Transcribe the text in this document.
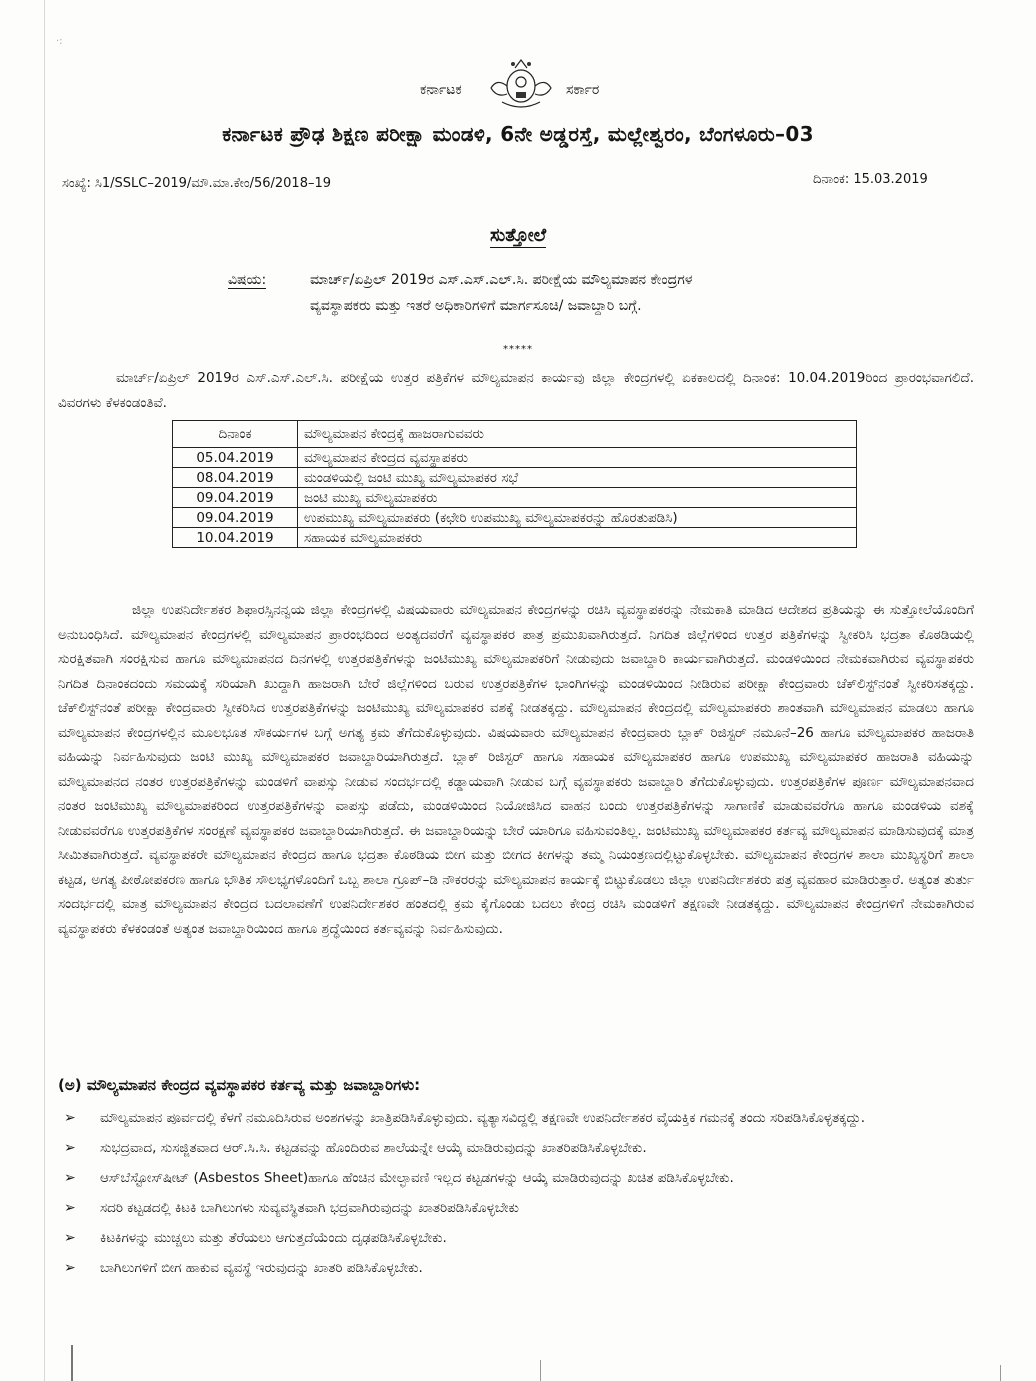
·:
ಕರ್ನಾಟಕ	ಸರ್ಕಾರ
ಕರ್ನಾಟಕ ಪ್ರೌಢ ಶಿಕ್ಷಣ ಪರೀಕ್ಷಾ ಮಂಡಳಿ, 6ನೇ ಅಡ್ಡರಸ್ತೆ, ಮಲ್ಲೇಶ್ವರಂ, ಬೆಂಗಳೂರು–03
ಸಂಖ್ಯೆ: ಸಿ1/SSLC–2019/ಮೌ.ಮಾ.ಕೇಂ/56/2018–19	ದಿನಾಂಕ: 15.03.2019
ಸುತ್ತೋಲೆ
ವಿಷಯ:	ಮಾರ್ಚ್/ಏಪ್ರಿಲ್ 2019ರ ಎಸ್.ಎಸ್.ಎಲ್.ಸಿ. ಪರೀಕ್ಷೆಯ ಮೌಲ್ಯಮಾಪನ ಕೇಂದ್ರಗಳ
ವ್ಯವಸ್ಥಾಪಕರು ಮತ್ತು ಇತರೆ ಅಧಿಕಾರಿಗಳಿಗೆ ಮಾರ್ಗಸೂಚಿ/ ಜವಾಬ್ದಾರಿ ಬಗ್ಗೆ.
*****
ಮಾರ್ಚ್/ಏಪ್ರಿಲ್ 2019ರ ಎಸ್.ಎಸ್.ಎಲ್.ಸಿ. ಪರೀಕ್ಷೆಯ ಉತ್ತರ ಪತ್ರಿಕೆಗಳ ಮೌಲ್ಯಮಾಪನ ಕಾರ್ಯವು ಜಿಲ್ಲಾ ಕೇಂದ್ರಗಳಲ್ಲಿ ಏಕಕಾಲದಲ್ಲಿ ದಿನಾಂಕ: 10.04.2019ರಿಂದ ಪ್ರಾರಂಭವಾಗಲಿದೆ. ವಿವರಗಳು ಕೆಳಕಂಡಂತಿವೆ.
ದಿನಾಂಕ	ಮೌಲ್ಯಮಾಪನ ಕೇಂದ್ರಕ್ಕೆ ಹಾಜರಾಗುವವರು
05.04.2019	ಮೌಲ್ಯಮಾಪನ ಕೇಂದ್ರದ ವ್ಯವಸ್ಥಾಪಕರು
08.04.2019	ಮಂಡಳಿಯಲ್ಲಿ ಜಂಟಿ ಮುಖ್ಯ ಮೌಲ್ಯಮಾಪಕರ ಸಭೆ
09.04.2019	ಜಂಟಿ ಮುಖ್ಯ ಮೌಲ್ಯಮಾಪಕರು
09.04.2019	ಉಪಮುಖ್ಯ ಮೌಲ್ಯಮಾಪಕರು (ಕಛೇರಿ ಉಪಮುಖ್ಯ ಮೌಲ್ಯಮಾಪಕರನ್ನು ಹೊರತುಪಡಿಸಿ)
10.04.2019	ಸಹಾಯಕ ಮೌಲ್ಯಮಾಪಕರು
ಜಿಲ್ಲಾ ಉಪನಿರ್ದೇಶಕರ ಶಿಫಾರಸ್ಸಿನನ್ವಯ ಜಿಲ್ಲಾ ಕೇಂದ್ರಗಳಲ್ಲಿ ವಿಷಯವಾರು ಮೌಲ್ಯಮಾಪನ ಕೇಂದ್ರಗಳನ್ನು ರಚಿಸಿ ವ್ಯವಸ್ಥಾಪಕರನ್ನು ನೇಮಕಾತಿ ಮಾಡಿದ ಆದೇಶದ ಪ್ರತಿಯನ್ನು ಈ ಸುತ್ತೋಲೆಯೊಂದಿಗೆ ಅನುಬಂಧಿಸಿದೆ. ಮೌಲ್ಯಮಾಪನ ಕೇಂದ್ರಗಳಲ್ಲಿ ಮೌಲ್ಯಮಾಪನ ಪ್ರಾರಂಭದಿಂದ ಅಂತ್ಯದವರೆಗೆ ವ್ಯವಸ್ಥಾಪಕರ ಪಾತ್ರ ಪ್ರಮುಖವಾಗಿರುತ್ತದೆ. ನಿಗದಿತ ಜಿಲ್ಲೆಗಳಿಂದ ಉತ್ತರ ಪತ್ರಿಕೆಗಳನ್ನು ಸ್ವೀಕರಿಸಿ ಭದ್ರತಾ ಕೊಠಡಿಯಲ್ಲಿ ಸುರಕ್ಷಿತವಾಗಿ ಸಂರಕ್ಷಿಸುವ ಹಾಗೂ ಮೌಲ್ಯಮಾಪನದ ದಿನಗಳಲ್ಲಿ ಉತ್ತರಪತ್ರಿಕೆಗಳನ್ನು ಜಂಟಿಮುಖ್ಯ ಮೌಲ್ಯಮಾಪಕರಿಗೆ ನೀಡುವುದು ಜವಾಬ್ದಾರಿ ಕಾರ್ಯವಾಗಿರುತ್ತದೆ. ಮಂಡಳಿಯಿಂದ ನೇಮಕವಾಗಿರುವ ವ್ಯವಸ್ಥಾಪಕರು ನಿಗದಿತ ದಿನಾಂಕದಂದು ಸಮಯಕ್ಕೆ ಸರಿಯಾಗಿ ಖುದ್ದಾಗಿ ಹಾಜರಾಗಿ ಬೇರೆ ಜಿಲ್ಲೆಗಳಿಂದ ಬರುವ ಉತ್ತರಪತ್ರಿಕೆಗಳ ಭಾಂಗಿಗಳನ್ನು ಮಂಡಳಿಯಿಂದ ನೀಡಿರುವ ಪರೀಕ್ಷಾ ಕೇಂದ್ರವಾರು ಚೆಕ್‌ಲಿಸ್ಟ್‌ನಂತೆ ಸ್ವೀಕರಿಸತಕ್ಕದ್ದು. ಚೆಕ್‌ಲಿಸ್ಟ್‌ನಂತೆ ಪರೀಕ್ಷಾ ಕೇಂದ್ರವಾರು ಸ್ವೀಕರಿಸಿದ ಉತ್ತರಪತ್ರಿಕೆಗಳನ್ನು ಜಂಟಿಮುಖ್ಯ ಮೌಲ್ಯಮಾಪಕರ ವಶಕ್ಕೆ ನೀಡತಕ್ಕದ್ದು. ಮೌಲ್ಯಮಾಪನ ಕೇಂದ್ರದಲ್ಲಿ ಮೌಲ್ಯಮಾಪಕರು ಶಾಂತವಾಗಿ ಮೌಲ್ಯಮಾಪನ ಮಾಡಲು ಹಾಗೂ ಮೌಲ್ಯಮಾಪನ ಕೇಂದ್ರಗಳಲ್ಲಿನ ಮೂಲಭೂತ ಸೌಕರ್ಯಗಳ ಬಗ್ಗೆ ಅಗತ್ಯ ಕ್ರಮ ತೆಗೆದುಕೊಳ್ಳುವುದು. ವಿಷಯವಾರು ಮೌಲ್ಯಮಾಪನ ಕೇಂದ್ರವಾರು ಬ್ಲಾಕ್ ರಿಜಿಸ್ಟರ್ ನಮೂನೆ–26 ಹಾಗೂ ಮೌಲ್ಯಮಾಪಕರ ಹಾಜರಾತಿ ವಹಿಯನ್ನು ನಿರ್ವಹಿಸುವುದು ಜಂಟಿ ಮುಖ್ಯ ಮೌಲ್ಯಮಾಪಕರ ಜವಾಬ್ದಾರಿಯಾಗಿರುತ್ತದೆ. ಬ್ಲಾಕ್ ರಿಜಿಸ್ಟರ್ ಹಾಗೂ ಸಹಾಯಕ ಮೌಲ್ಯಮಾಪಕರ ಹಾಗೂ ಉಪಮುಖ್ಯ ಮೌಲ್ಯಮಾಪಕರ ಹಾಜರಾತಿ ವಹಿಯನ್ನು ಮೌಲ್ಯಮಾಪನದ ನಂತರ ಉತ್ತರಪತ್ರಿಕೆಗಳನ್ನು ಮಂಡಳಿಗೆ ವಾಪಸ್ಸು ನೀಡುವ ಸಂದರ್ಭದಲ್ಲಿ ಕಡ್ಡಾಯವಾಗಿ ನೀಡುವ ಬಗ್ಗೆ ವ್ಯವಸ್ಥಾಪಕರು ಜವಾಬ್ದಾರಿ ತೆಗೆದುಕೊಳ್ಳುವುದು. ಉತ್ತರಪತ್ರಿಕೆಗಳ ಪೂರ್ಣ ಮೌಲ್ಯಮಾಪನವಾದ ನಂತರ ಜಂಟಿಮುಖ್ಯ ಮೌಲ್ಯಮಾಪಕರಿಂದ ಉತ್ತರಪತ್ರಿಕೆಗಳನ್ನು ವಾಪಸ್ಸು ಪಡೆದು, ಮಂಡಳಿಯಿಂದ ನಿಯೋಜಿಸಿದ ವಾಹನ ಬಂದು ಉತ್ತರಪತ್ರಿಕೆಗಳನ್ನು ಸಾಗಾಣಿಕೆ ಮಾಡುವವರೆಗೂ ಹಾಗೂ ಮಂಡಳಿಯ ವಶಕ್ಕೆ ನೀಡುವವರೆಗೂ ಉತ್ತರಪತ್ರಿಕೆಗಳ ಸಂರಕ್ಷಣೆ ವ್ಯವಸ್ಥಾಪಕರ ಜವಾಬ್ದಾರಿಯಾಗಿರುತ್ತದೆ. ಈ ಜವಾಬ್ದಾರಿಯನ್ನು ಬೇರೆ ಯಾರಿಗೂ ವಹಿಸುವಂತಿಲ್ಲ. ಜಂಟಿಮುಖ್ಯ ಮೌಲ್ಯಮಾಪಕರ ಕರ್ತವ್ಯ ಮೌಲ್ಯಮಾಪನ ಮಾಡಿಸುವುದಕ್ಕೆ ಮಾತ್ರ ಸೀಮಿತವಾಗಿರುತ್ತದೆ. ವ್ಯವಸ್ಥಾಪಕರೇ ಮೌಲ್ಯಮಾಪನ ಕೇಂದ್ರದ ಹಾಗೂ ಭದ್ರತಾ ಕೊಠಡಿಯ ಬೀಗ ಮತ್ತು ಬೀಗದ ಕೀಗಳನ್ನು ತಮ್ಮ ನಿಯಂತ್ರಣದಲ್ಲಿಟ್ಟುಕೊಳ್ಳಬೇಕು. ಮೌಲ್ಯಮಾಪನ ಕೇಂದ್ರಗಳ ಶಾಲಾ ಮುಖ್ಯಸ್ಥರಿಗೆ ಶಾಲಾ ಕಟ್ಟಡ, ಅಗತ್ಯ ಪೀಠೋಪಕರಣ ಹಾಗೂ ಭೌತಿಕ ಸೌಲಭ್ಯಗಳೊಂದಿಗೆ ಒಬ್ಬ ಶಾಲಾ ಗ್ರೂಪ್–ಡಿ ನೌಕರರನ್ನು ಮೌಲ್ಯಮಾಪನ ಕಾರ್ಯಕ್ಕೆ ಬಿಟ್ಟುಕೊಡಲು ಜಿಲ್ಲಾ ಉಪನಿರ್ದೇಶಕರು ಪತ್ರ ವ್ಯವಹಾರ ಮಾಡಿರುತ್ತಾರೆ. ಅತ್ಯಂತ ತುರ್ತು ಸಂದರ್ಭದಲ್ಲಿ ಮಾತ್ರ ಮೌಲ್ಯಮಾಪನ ಕೇಂದ್ರದ ಬದಲಾವಣೆಗೆ ಉಪನಿರ್ದೇಶಕರ ಹಂತದಲ್ಲಿ ಕ್ರಮ ಕೈಗೊಂಡು ಬದಲು ಕೇಂದ್ರ ರಚಿಸಿ ಮಂಡಳಿಗೆ ತಕ್ಷಣವೇ ನೀಡತಕ್ಕದ್ದು. ಮೌಲ್ಯಮಾಪನ ಕೇಂದ್ರಗಳಿಗೆ ನೇಮಕಾಗಿರುವ ವ್ಯವಸ್ಥಾಪಕರು ಕೆಳಕಂಡಂತೆ ಅತ್ಯಂತ ಜವಾಬ್ದಾರಿಯಿಂದ ಹಾಗೂ ಶ್ರದ್ಧೆಯಿಂದ ಕರ್ತವ್ಯವನ್ನು ನಿರ್ವಹಿಸುವುದು.
(ಅ) ಮೌಲ್ಯಮಾಪನ ಕೇಂದ್ರದ ವ್ಯವಸ್ಥಾಪಕರ ಕರ್ತವ್ಯ ಮತ್ತು ಜವಾಬ್ದಾರಿಗಳು:
➢ ಮೌಲ್ಯಮಾಪನ ಪೂರ್ವದಲ್ಲಿ ಕೆಳಗೆ ನಮೂದಿಸಿರುವ ಅಂಶಗಳನ್ನು ಖಾತ್ರಿಪಡಿಸಿಕೊಳ್ಳುವುದು. ವ್ಯತ್ಯಾಸವಿದ್ದಲ್ಲಿ ತಕ್ಷಣವೇ ಉಪನಿರ್ದೇಶಕರ ವೈಯಕ್ತಿಕ ಗಮನಕ್ಕೆ ತಂದು ಸರಿಪಡಿಸಿಕೊಳ್ಳತಕ್ಕದ್ದು.
➢ ಸುಭದ್ರವಾದ, ಸುಸಜ್ಜಿತವಾದ ಆರ್.ಸಿ.ಸಿ. ಕಟ್ಟಡವನ್ನು ಹೊಂದಿರುವ ಶಾಲೆಯನ್ನೇ ಆಯ್ಕೆ ಮಾಡಿರುವುದನ್ನು ಖಾತರಿಪಡಿಸಿಕೊಳ್ಳಬೇಕು.
➢ ಆಸ್‌ಬೆಸ್ಟೋಸ್‌ಷೀಟ್ (Asbestos Sheet)ಹಾಗೂ ಹೆಂಚಿನ ಮೇಲ್ಛಾವಣಿ ಇಲ್ಲದ ಕಟ್ಟಡಗಳನ್ನು ಆಯ್ಕೆ ಮಾಡಿರುವುದನ್ನು ಖಚಿತ ಪಡಿಸಿಕೊಳ್ಳಬೇಕು.
➢ ಸದರಿ ಕಟ್ಟಡದಲ್ಲಿ ಕಿಟಕಿ ಬಾಗಿಲುಗಳು ಸುವ್ಯವಸ್ಥಿತವಾಗಿ ಭದ್ರವಾಗಿರುವುದನ್ನು ಖಾತರಿಪಡಿಸಿಕೊಳ್ಳಬೇಕು
➢ ಕಿಟಕಿಗಳನ್ನು ಮುಚ್ಚಲು ಮತ್ತು ತೆರೆಯಲು ಆಗುತ್ತದೆಯೆಂದು ದೃಢಪಡಿಸಿಕೊಳ್ಳಬೇಕು.
➢ ಬಾಗಿಲುಗಳಿಗೆ ಬೀಗ ಹಾಕುವ ವ್ಯವಸ್ಥೆ ಇರುವುದನ್ನು ಖಾತರಿ ಪಡಿಸಿಕೊಳ್ಳಬೇಕು.
